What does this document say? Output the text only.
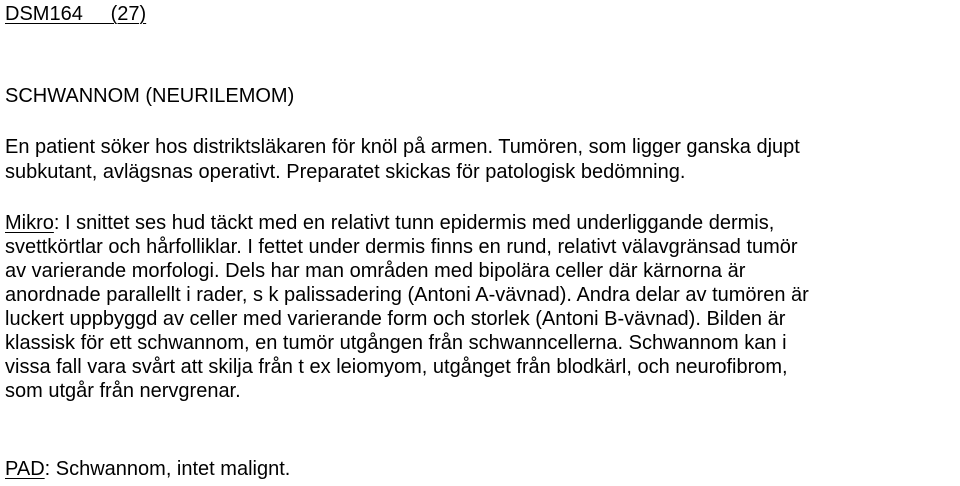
DSM164     (27)
SCHWANNOM (NEURILEMOM)
En patient söker hos distriktsläkaren för knöl på armen. Tumören, som ligger ganska djupt
subkutant, avlägsnas operativt. Preparatet skickas för patologisk bedömning.
Mikro: I snittet ses hud täckt med en relativt tunn epidermis med underliggande dermis,
svettkörtlar och hårfolliklar. I fettet under dermis finns en rund, relativt välavgränsad tumör
av varierande morfologi. Dels har man områden med bipolära celler där kärnorna är
anordnade parallellt i rader, s k palissadering (Antoni A-vävnad). Andra delar av tumören är
luckert uppbyggd av celler med varierande form och storlek (Antoni B-vävnad). Bilden är
klassisk för ett schwannom, en tumör utgången från schwanncellerna. Schwannom kan i
vissa fall vara svårt att skilja från t ex leiomyom, utgånget från blodkärl, och neurofibrom,
som utgår från nervgrenar.
PAD: Schwannom, intet malignt.
